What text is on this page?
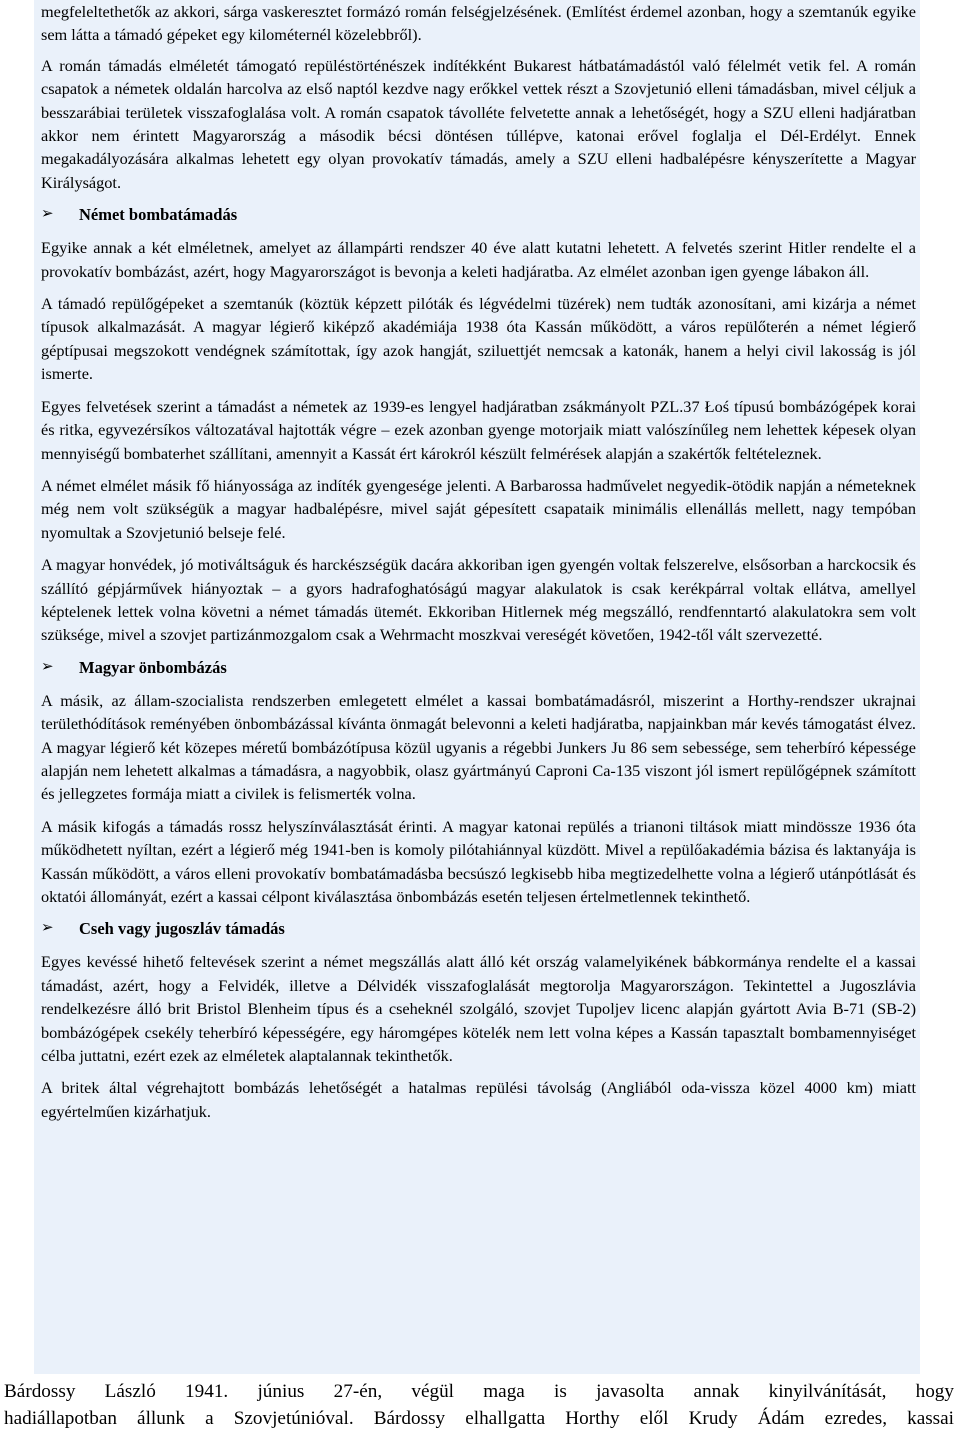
megfeleltethetők az akkori, sárga vaskeresztet formázó román felségjelzésének. (Említést érdemel azonban, hogy a szemtanúk egyike sem látta a támadó gépeket egy kilométernél közelebbről).

A román támadás elméletét támogató repüléstörténészek indítékként Bukarest hátbatámadástól való félelmét vetik fel. A román csapatok a németek oldalán harcolva az első naptól kezdve nagy erőkkel vettek részt a Szovjetunió elleni támadásban, mivel céljuk a besszarábiai területek visszafoglalása volt. A román csapatok távolléte felvetette annak a lehetőségét, hogy a SZU elleni hadjáratban akkor nem érintett Magyarország a második bécsi döntésen túllépve, katonai erővel foglalja el Dél-Erdélyt. Ennek megakadályozására alkalmas lehetett egy olyan provokatív támadás, amely a SZU elleni hadbalépésre kényszerítette a Magyar Királyságot.

➢	Német bombatámadás

Egyike annak a két elméletnek, amelyet az állampárti rendszer 40 éve alatt kutatni lehetett. A felvetés szerint Hitler rendelte el a provokatív bombázást, azért, hogy Magyarországot is bevonja a keleti hadjáratba. Az elmélet azonban igen gyenge lábakon áll.

A támadó repülőgépeket a szemtanúk (köztük képzett pilóták és légvédelmi tüzérek) nem tudták azonosítani, ami kizárja a német típusok alkalmazását. A magyar légierő kiképző akadémiája 1938 óta Kassán működött, a város repülőterén a német légierő géptípusai megszokott vendégnek számítottak, így azok hangját, sziluettjét nemcsak a katonák, hanem a helyi civil lakosság is jól ismerte.

Egyes felvetések szerint a támadást a németek az 1939-es lengyel hadjáratban zsákmányolt PZL.37 Łoś típusú bombázógépek korai és ritka, egyvezérsíkos változatával hajtották végre – ezek azonban gyenge motorjaik miatt valószínűleg nem lehettek képesek olyan mennyiségű bombaterhet szállítani, amennyit a Kassát ért károkról készült felmérések alapján a szakértők feltételeznek.

A német elmélet másik fő hiányossága az indíték gyengesége jelenti. A Barbarossa hadművelet negyedik-ötödik napján a németeknek még nem volt szükségük a magyar hadbalépésre, mivel saját gépesített csapataik minimális ellenállás mellett, nagy tempóban nyomultak a Szovjetunió belseje felé.

A magyar honvédek, jó motiváltságuk és harckészségük dacára akkoriban igen gyengén voltak felszerelve, elsősorban a harckocsik és szállító gépjárművek hiányoztak – a gyors hadrafoghatóságú magyar alakulatok is csak kerékpárral voltak ellátva, amellyel képtelenek lettek volna követni a német támadás ütemét. Ekkoriban Hitlernek még megszálló, rendfenntartó alakulatokra sem volt szüksége, mivel a szovjet partizánmozgalom csak a Wehrmacht moszkvai vereségét követően, 1942-től vált szervezetté.

➢	Magyar önbombázás

A másik, az állam-szocialista rendszerben emlegetett elmélet a kassai bombatámadásról, miszerint a Horthy-rendszer ukrajnai területhódítások reményében önbombázással kívánta önmagát belevonni a keleti hadjáratba, napjainkban már kevés támogatást élvez. A magyar légierő két közepes méretű bombázótípusa közül ugyanis a régebbi Junkers Ju 86 sem sebessége, sem teherbíró képessége alapján nem lehetett alkalmas a támadásra, a nagyobbik, olasz gyártmányú Caproni Ca-135 viszont jól ismert repülőgépnek számított és jellegzetes formája miatt a civilek is felismerték volna.

A másik kifogás a támadás rossz helyszínválasztását érinti. A magyar katonai repülés a trianoni tiltások miatt mindössze 1936 óta működhetett nyíltan, ezért a légierő még 1941-ben is komoly pilótahiánnyal küzdött. Mivel a repülőakadémia bázisa és laktanyája is Kassán működött, a város elleni provokatív bombatámadásba becsúszó legkisebb hiba megtizedelhette volna a légierő utánpótlását és oktatói állományát, ezért a kassai célpont kiválasztása önbombázás esetén teljesen értelmetlennek tekinthető.

➢	Cseh vagy jugoszláv támadás

Egyes kevéssé hihető feltevések szerint a német megszállás alatt álló két ország valamelyikének bábkormánya rendelte el a kassai támadást, azért, hogy a Felvidék, illetve a Délvidék visszafoglalását megtorolja Magyarországon. Tekintettel a Jugoszlávia rendelkezésre álló brit Bristol Blenheim típus és a cseheknél szolgáló, szovjet Tupoljev licenc alapján gyártott Avia B-71 (SB-2) bombázógépek csekély teherbíró képességére, egy háromgépes kötelék nem lett volna képes a Kassán tapasztalt bombamennyiséget célba juttatni, ezért ezek az elméletek alaptalannak tekinthetők.

A britek által végrehajtott bombázás lehetőségét a hatalmas repülési távolság (Angliából oda-vissza közel 4000 km) miatt egyértelműen kizárhatjuk.

Bárdossy László 1941. június 27-én, végül maga is javasolta annak kinyilvánítását, hogy
hadiállapotban állunk a Szovjetúnióval. Bárdossy elhallgatta Horthy elől Krudy Ádám ezredes, kassai
